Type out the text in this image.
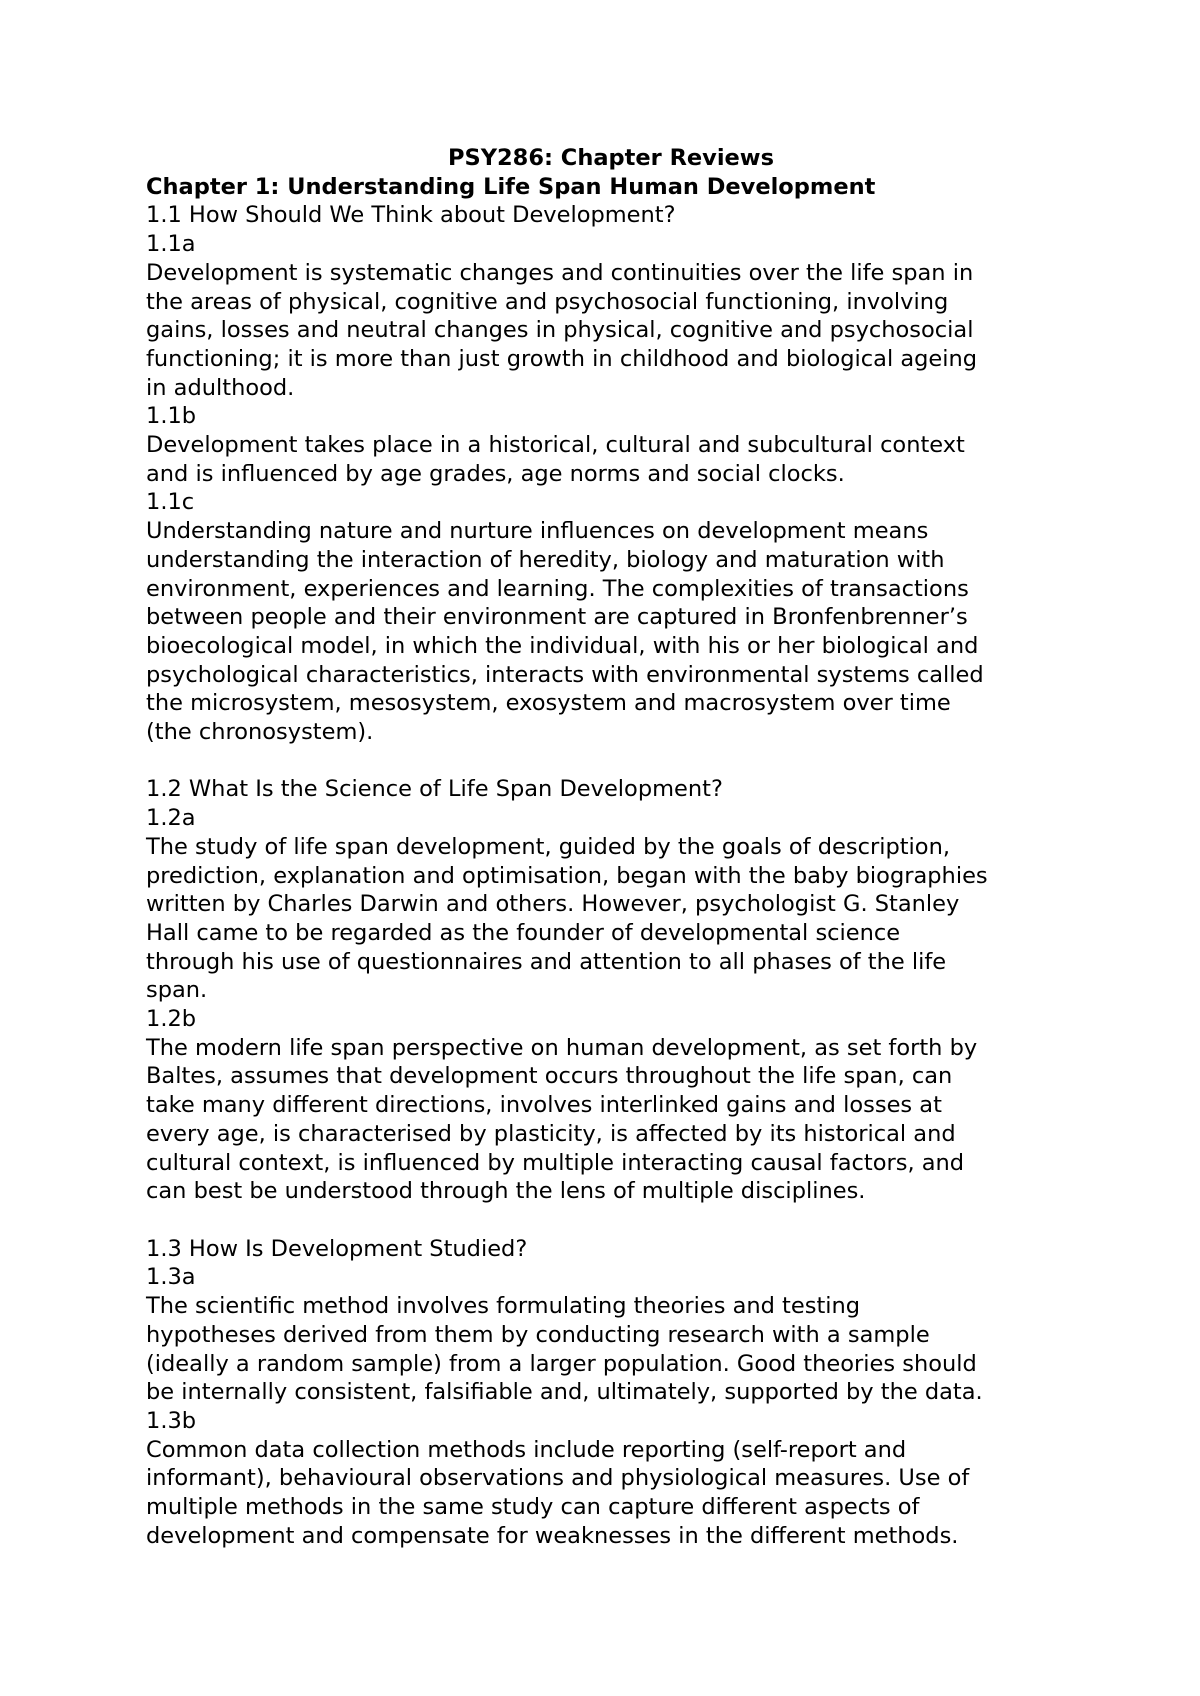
PSY286: Chapter Reviews
Chapter 1: Understanding Life Span Human Development
1.1 How Should We Think about Development?
1.1a
Development is systematic changes and continuities over the life span in
the areas of physical, cognitive and psychosocial functioning, involving
gains, losses and neutral changes in physical, cognitive and psychosocial
functioning; it is more than just growth in childhood and biological ageing
in adulthood.
1.1b
Development takes place in a historical, cultural and subcultural context
and is influenced by age grades, age norms and social clocks.
1.1c
Understanding nature and nurture influences on development means
understanding the interaction of heredity, biology and maturation with
environment, experiences and learning. The complexities of transactions
between people and their environment are captured in Bronfenbrenner’s
bioecological model, in which the individual, with his or her biological and
psychological characteristics, interacts with environmental systems called
the microsystem, mesosystem, exosystem and macrosystem over time
(the chronosystem).
1.2 What Is the Science of Life Span Development?
1.2a
The study of life span development, guided by the goals of description,
prediction, explanation and optimisation, began with the baby biographies
written by Charles Darwin and others. However, psychologist G. Stanley
Hall came to be regarded as the founder of developmental science
through his use of questionnaires and attention to all phases of the life
span.
1.2b
The modern life span perspective on human development, as set forth by
Baltes, assumes that development occurs throughout the life span, can
take many different directions, involves interlinked gains and losses at
every age, is characterised by plasticity, is affected by its historical and
cultural context, is influenced by multiple interacting causal factors, and
can best be understood through the lens of multiple disciplines.
1.3 How Is Development Studied?
1.3a
The scientific method involves formulating theories and testing
hypotheses derived from them by conducting research with a sample
(ideally a random sample) from a larger population. Good theories should
be internally consistent, falsifiable and, ultimately, supported by the data.
1.3b
Common data collection methods include reporting (self-report and
informant), behavioural observations and physiological measures. Use of
multiple methods in the same study can capture different aspects of
development and compensate for weaknesses in the different methods.
